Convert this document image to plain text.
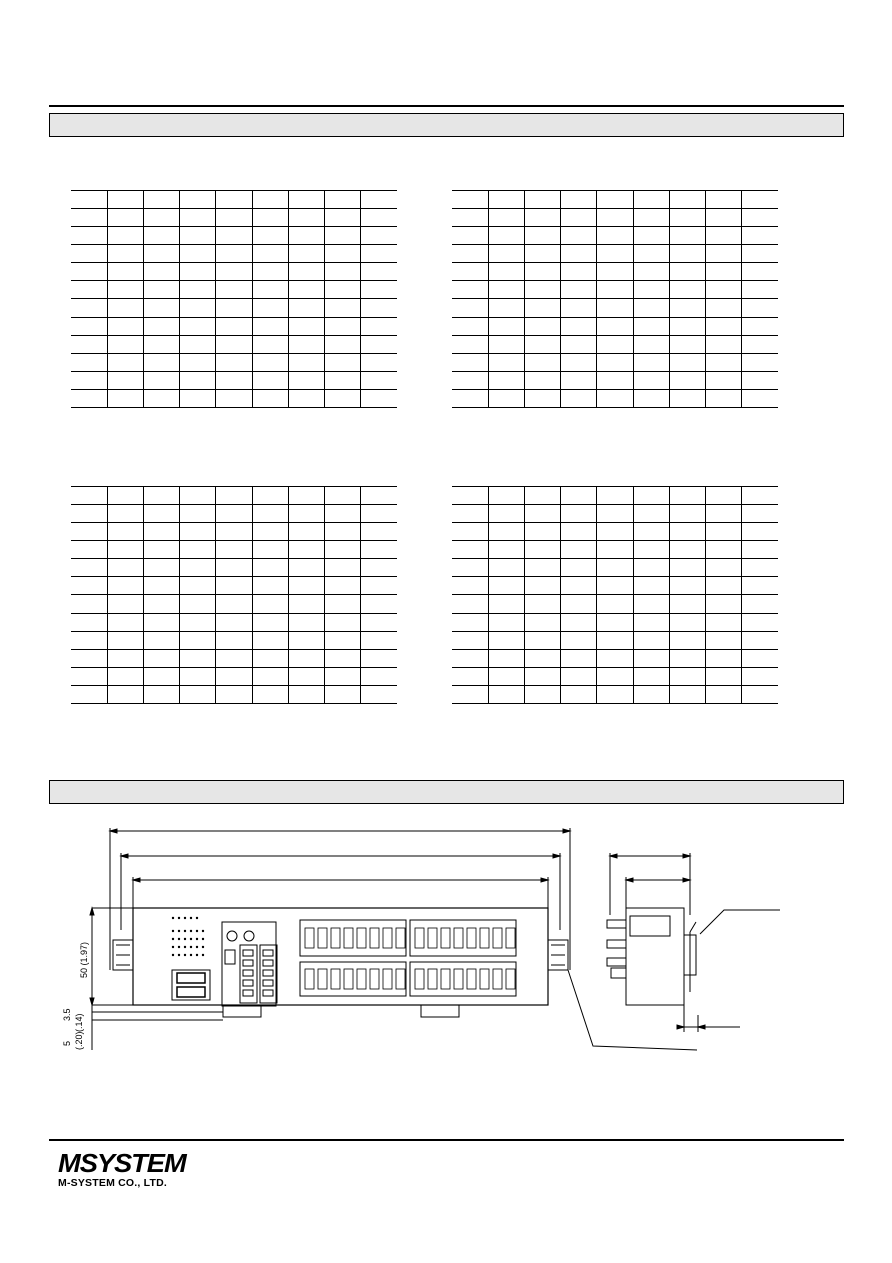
50 (1.97)
3.5 (.14)
5 (.20)
MSYSTEM
M-SYSTEM CO., LTD.
